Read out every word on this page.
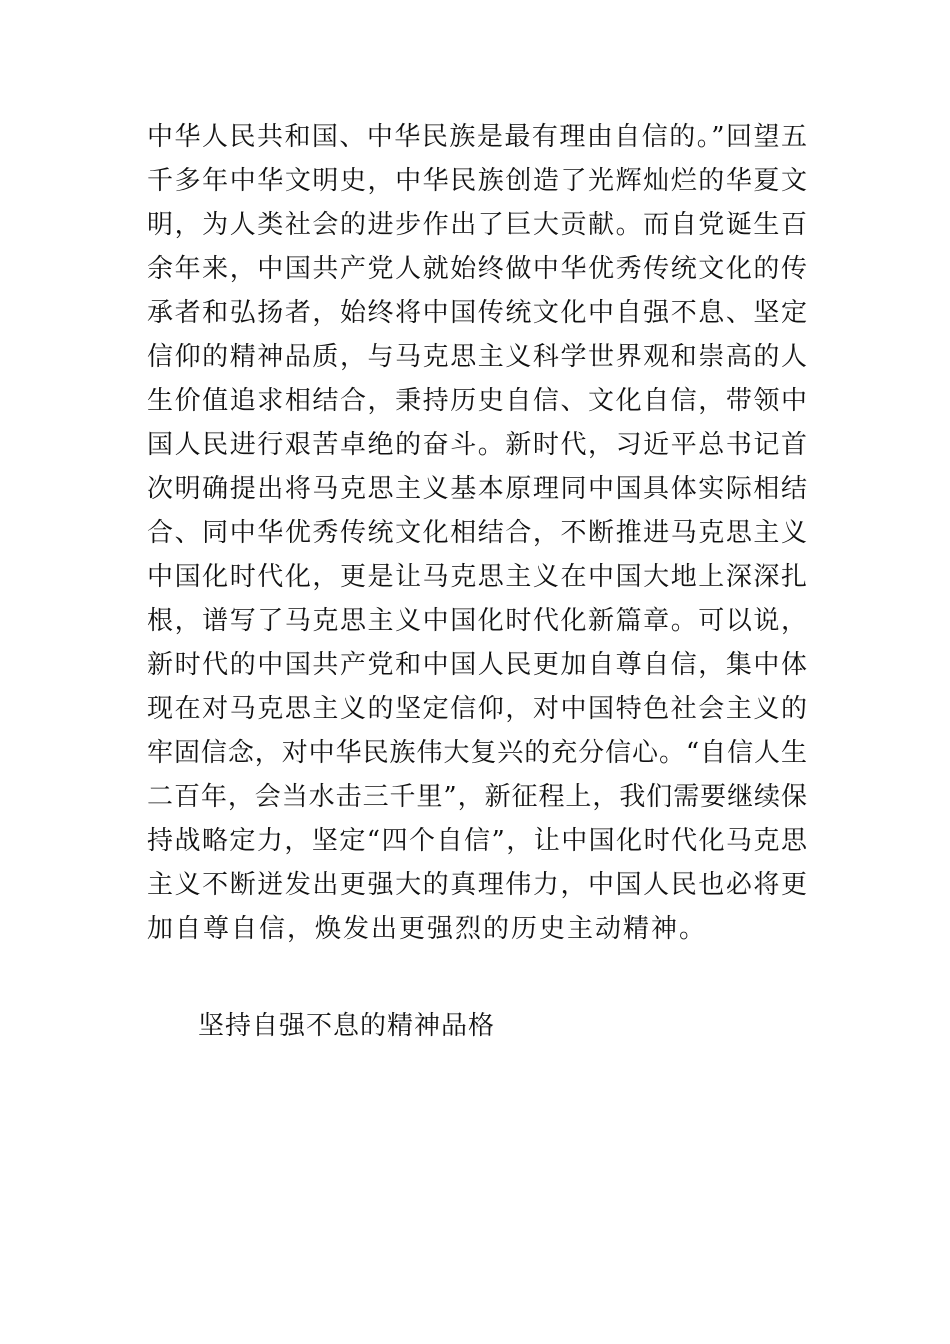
中华人民共和国、中华民族是最有理由自信的。”回望五
千多年中华文明史，中华民族创造了光辉灿烂的华夏文
明，为人类社会的进步作出了巨大贡献。而自党诞生百
余年来，中国共产党人就始终做中华优秀传统文化的传
承者和弘扬者，始终将中国传统文化中自强不息、坚定
信仰的精神品质，与马克思主义科学世界观和崇高的人
生价值追求相结合，秉持历史自信、文化自信，带领中
国人民进行艰苦卓绝的奋斗。新时代，习近平总书记首
次明确提出将马克思主义基本原理同中国具体实际相结
合、同中华优秀传统文化相结合，不断推进马克思主义
中国化时代化，更是让马克思主义在中国大地上深深扎
根，谱写了马克思主义中国化时代化新篇章。可以说，
新时代的中国共产党和中国人民更加自尊自信，集中体
现在对马克思主义的坚定信仰，对中国特色社会主义的
牢固信念，对中华民族伟大复兴的充分信心。“自信人生
二百年，会当水击三千里”，新征程上，我们需要继续保
持战略定力，坚定“四个自信”，让中国化时代化马克思
主义不断迸发出更强大的真理伟力，中国人民也必将更
加自尊自信，焕发出更强烈的历史主动精神。
坚持自强不息的精神品格
